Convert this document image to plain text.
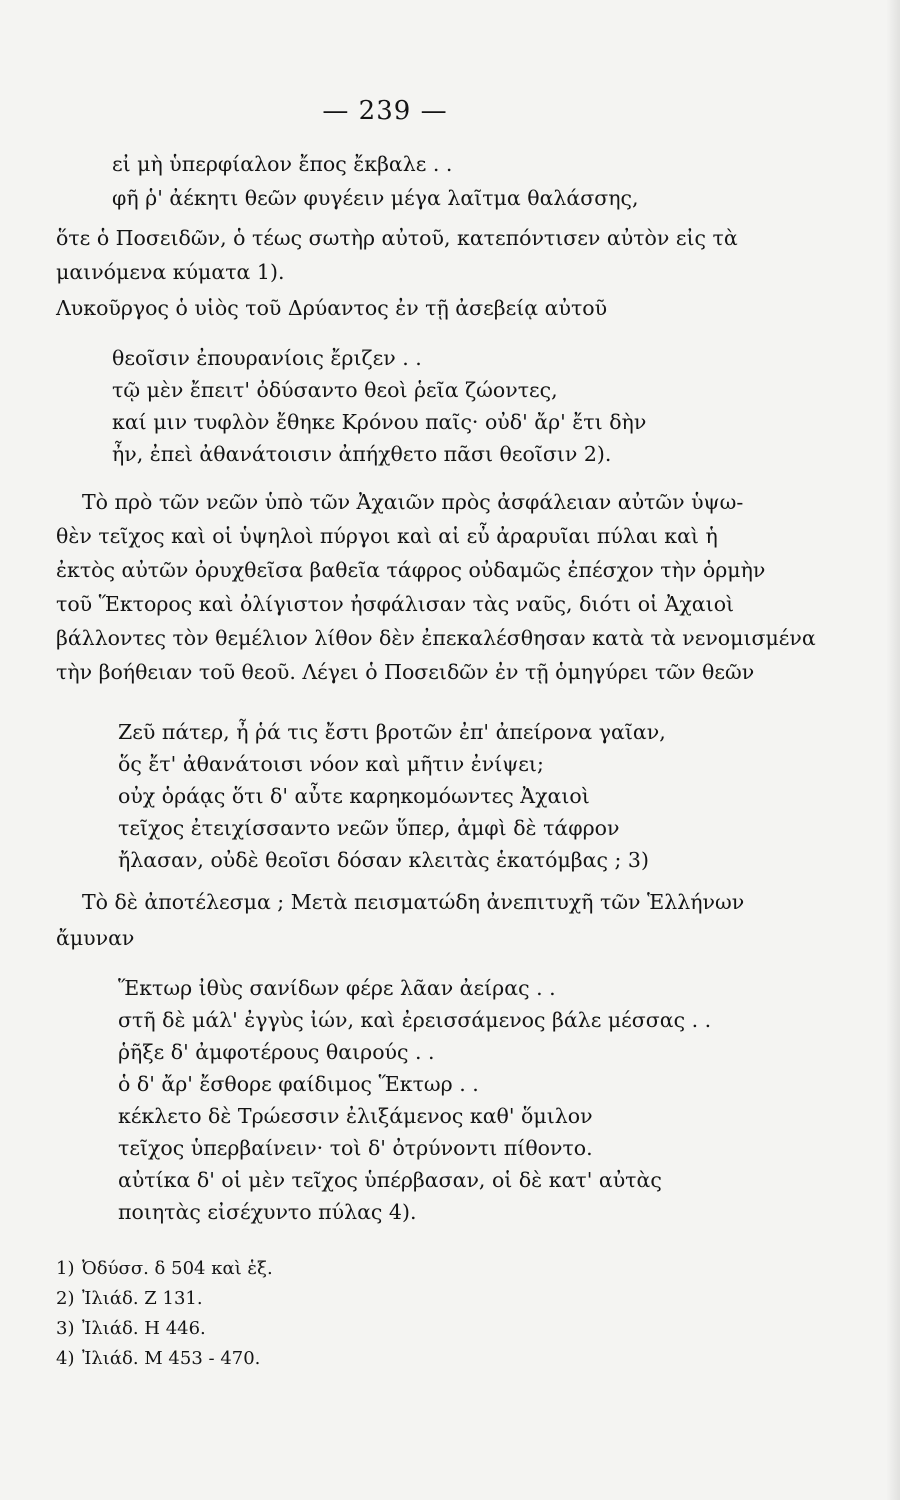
— 239 —
εἰ μὴ ὑπερφίαλον ἔπος ἔκβαλε . .
φῆ ῥ' ἀέκητι θεῶν φυγέειν μέγα λαῖτμα θαλάσσης,
ὅτε ὁ Ποσειδῶν, ὁ τέως σωτὴρ αὐτοῦ, κατεπόντισεν αὐτὸν εἰς τὰ
μαινόμενα κύματα 1).
Λυκοῦργος ὁ υἱὸς τοῦ Δρύαντος ἐν τῇ ἀσεβείᾳ αὐτοῦ
θεοῖσιν ἐπουρανίοις ἔριζεν . .
τῷ μὲν ἔπειτ' ὀδύσαντο θεοὶ ῥεῖα ζώοντες,
καί μιν τυφλὸν ἔθηκε Κρόνου παῖς· οὐδ' ἄρ' ἔτι δὴν
ἦν, ἐπεὶ ἀθανάτοισιν ἀπήχθετο πᾶσι θεοῖσιν 2).
Τὸ πρὸ τῶν νεῶν ὑπὸ τῶν Ἀχαιῶν πρὸς ἀσφάλειαν αὐτῶν ὑψω-
θὲν τεῖχος καὶ οἱ ὑψηλοὶ πύργοι καὶ αἱ εὖ ἀραρυῖαι πύλαι καὶ ἡ
ἐκτὸς αὐτῶν ὀρυχθεῖσα βαθεῖα τάφρος οὐδαμῶς ἐπέσχον τὴν ὁρμὴν
τοῦ Ἕκτορος καὶ ὀλίγιστον ἠσφάλισαν τὰς ναῦς, διότι οἱ Ἀχαιοὶ
βάλλοντες τὸν θεμέλιον λίθον δὲν ἐπεκαλέσθησαν κατὰ τὰ νενομισμένα
τὴν βοήθειαν τοῦ θεοῦ. Λέγει ὁ Ποσειδῶν ἐν τῇ ὁμηγύρει τῶν θεῶν
Ζεῦ πάτερ, ἦ ῥά τις ἔστι βροτῶν ἐπ' ἀπείρονα γαῖαν,
ὅς ἔτ' ἀθανάτοισι νόον καὶ μῆτιν ἐνίψει;
οὐχ ὁράᾳς ὅτι δ' αὖτε καρηκομόωντες Ἀχαιοὶ
τεῖχος ἐτειχίσσαντο νεῶν ὕπερ, ἀμφὶ δὲ τάφρον
ἤλασαν, οὐδὲ θεοῖσι δόσαν κλειτὰς ἑκατόμβας ; 3)
Τὸ δὲ ἀποτέλεσμα ; Μετὰ πεισματώδη ἀνεπιτυχῆ τῶν Ἑλλήνων
ἄμυναν
Ἕκτωρ ἰθὺς σανίδων φέρε λᾶαν ἀείρας . .
στῆ δὲ μάλ' ἐγγὺς ἰών, καὶ ἐρεισσάμενος βάλε μέσσας . .
ῥῆξε δ' ἀμφοτέρους θαιρούς . .
ὁ δ' ἄρ' ἔσθορε φαίδιμος Ἕκτωρ . .
κέκλετο δὲ Τρώεσσιν ἐλιξάμενος καθ' ὅμιλον
τεῖχος ὑπερβαίνειν· τοὶ δ' ὀτρύνοντι πίθοντο.
αὐτίκα δ' οἱ μὲν τεῖχος ὑπέρβασαν, οἱ δὲ κατ' αὐτὰς
ποιητὰς εἰσέχυντο πύλας 4).
1) Ὀδύσσ. δ 504 καὶ ἑξ.
2) Ἰλιάδ. Ζ 131.
3) Ἰλιάδ. Η 446.
4) Ἰλιάδ. Μ 453 - 470.
